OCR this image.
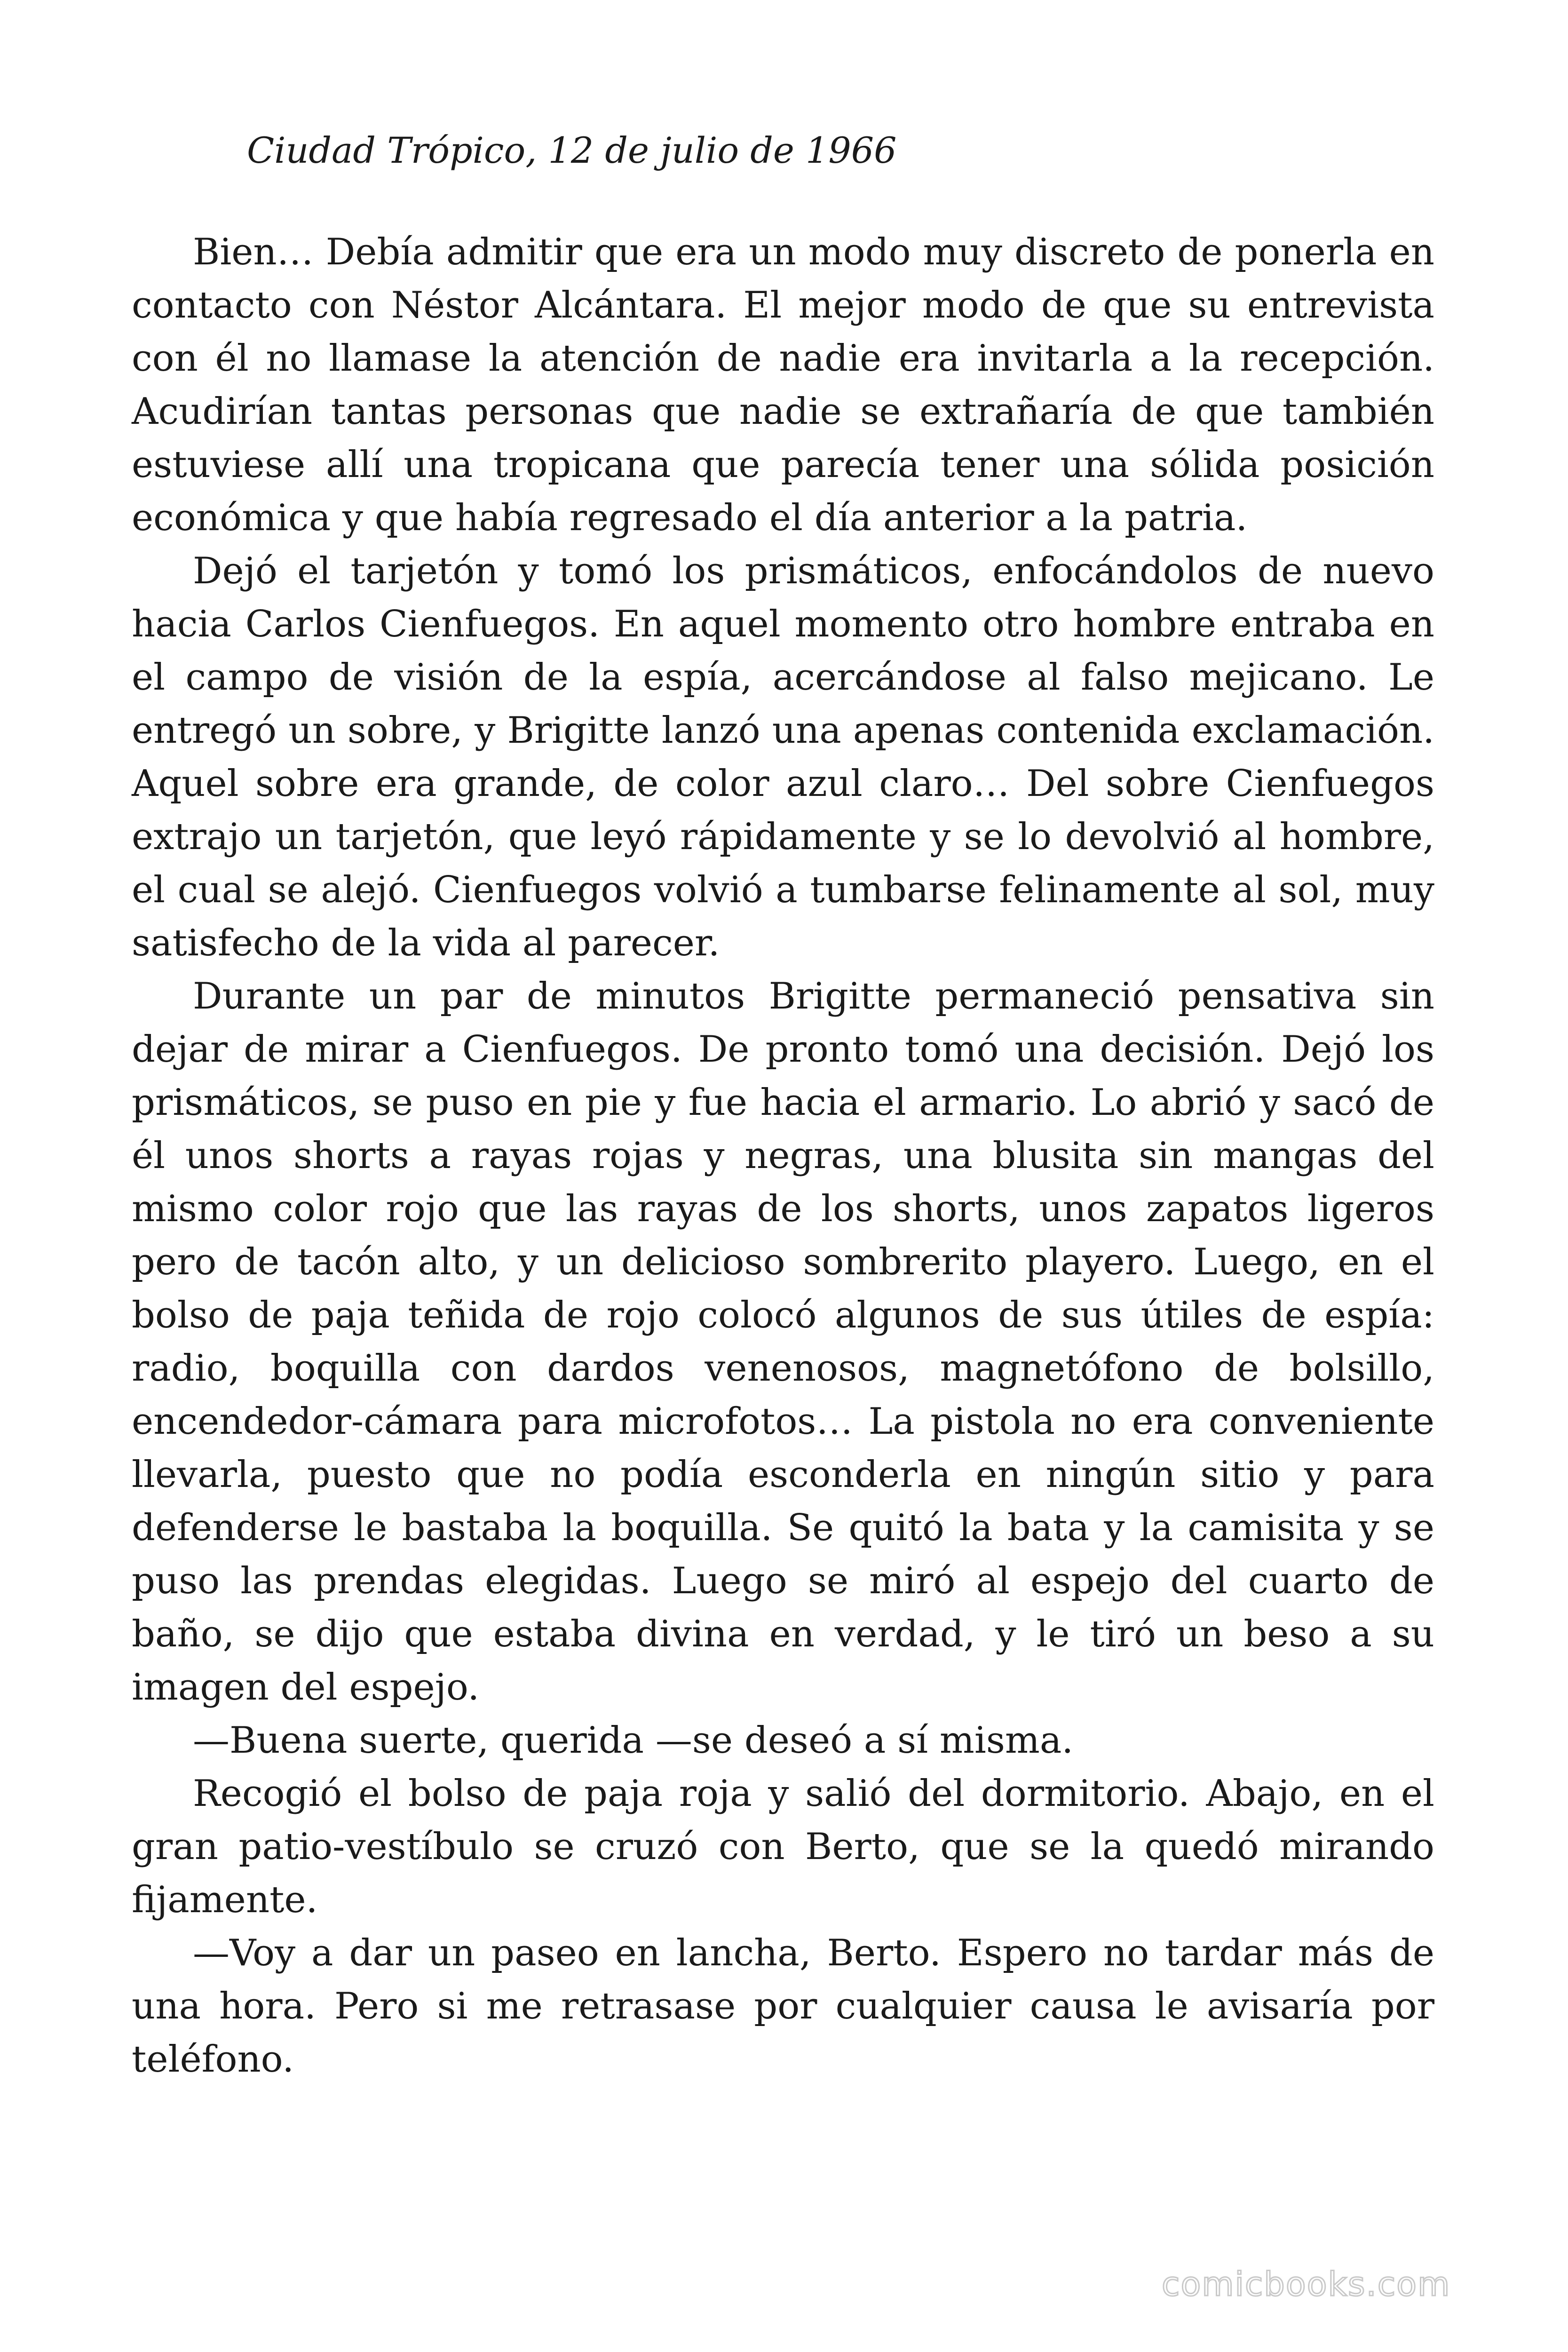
Ciudad Trópico, 12 de julio de 1966

Bien… Debía admitir que era un modo muy discreto de ponerla en contacto con Néstor Alcántara. El mejor modo de que su entrevista con él no llamase la atención de nadie era invitarla a la recepción. Acudirían tantas personas que nadie se extrañaría de que también estuviese allí una tropicana que parecía tener una sólida posición económica y que había regresado el día anterior a la patria.

Dejó el tarjetón y tomó los prismáticos, enfocándolos de nuevo hacia Carlos Cienfuegos. En aquel momento otro hombre entraba en el campo de visión de la espía, acercándose al falso mejicano. Le entregó un sobre, y Brigitte lanzó una apenas contenida exclamación. Aquel sobre era grande, de color azul claro… Del sobre Cienfuegos extrajo un tarjetón, que leyó rápidamente y se lo devolvió al hombre, el cual se alejó. Cienfuegos volvió a tumbarse felinamente al sol, muy satisfecho de la vida al parecer.

Durante un par de minutos Brigitte permaneció pensativa sin dejar de mirar a Cienfuegos. De pronto tomó una decisión. Dejó los prismáticos, se puso en pie y fue hacia el armario. Lo abrió y sacó de él unos shorts a rayas rojas y negras, una blusita sin mangas del mismo color rojo que las rayas de los shorts, unos zapatos ligeros pero de tacón alto, y un delicioso sombrerito playero. Luego, en el bolso de paja teñida de rojo colocó algunos de sus útiles de espía: radio, boquilla con dardos venenosos, magnetófono de bolsillo, encendedor-cámara para microfotos… La pistola no era conveniente llevarla, puesto que no podía esconderla en ningún sitio y para defenderse le bastaba la boquilla. Se quitó la bata y la camisita y se puso las prendas elegidas. Luego se miró al espejo del cuarto de baño, se dijo que estaba divina en verdad, y le tiró un beso a su imagen del espejo.

—Buena suerte, querida —se deseó a sí misma.

Recogió el bolso de paja roja y salió del dormitorio. Abajo, en el gran patio-vestíbulo se cruzó con Berto, que se la quedó mirando fijamente.

—Voy a dar un paseo en lancha, Berto. Espero no tardar más de una hora. Pero si me retrasase por cualquier causa le avisaría por teléfono.

comicbooks.com
